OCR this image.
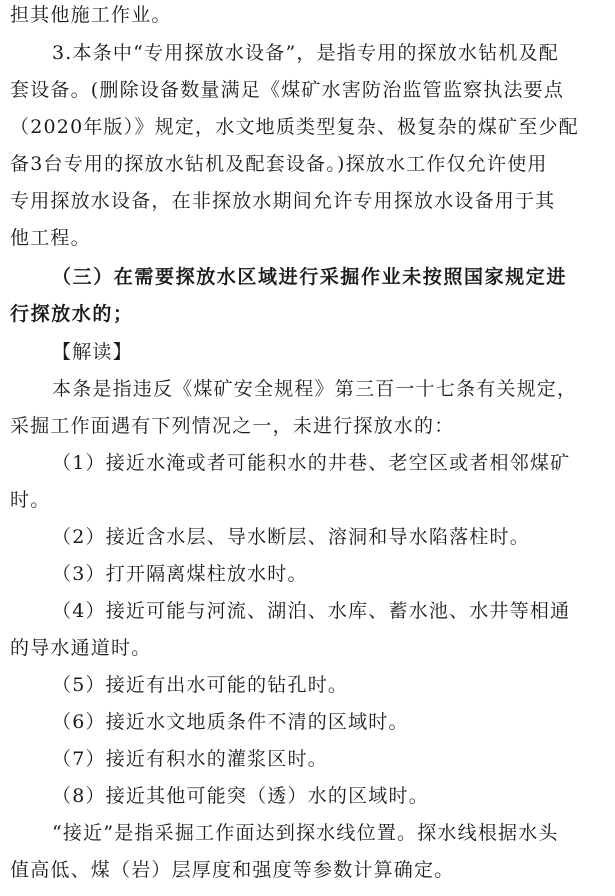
担其他施工作业。
3.本条中“专用探放水设备”，是指专用的探放水钻机及配
套设备。(删除设备数量满足《煤矿水害防治监管监察执法要点
（2020年版）》规定，水文地质类型复杂、极复杂的煤矿至少配
备3台专用的探放水钻机及配套设备。)探放水工作仅允许使用
专用探放水设备，在非探放水期间允许专用探放水设备用于其
他工程。
（三）在需要探放水区域进行采掘作业未按照国家规定进
行探放水的；
【解读】
本条是指违反《煤矿安全规程》第三百一十七条有关规定，
采掘工作面遇有下列情况之一，未进行探放水的：
（1）接近水淹或者可能积水的井巷、老空区或者相邻煤矿
时。
（2）接近含水层、导水断层、溶洞和导水陷落柱时。
（3）打开隔离煤柱放水时。
（4）接近可能与河流、湖泊、水库、蓄水池、水井等相通
的导水通道时。
（5）接近有出水可能的钻孔时。
（6）接近水文地质条件不清的区域时。
（7）接近有积水的灌浆区时。
（8）接近其他可能突（透）水的区域时。
“接近”是指采掘工作面达到探水线位置。探水线根据水头
值高低、煤（岩）层厚度和强度等参数计算确定。
